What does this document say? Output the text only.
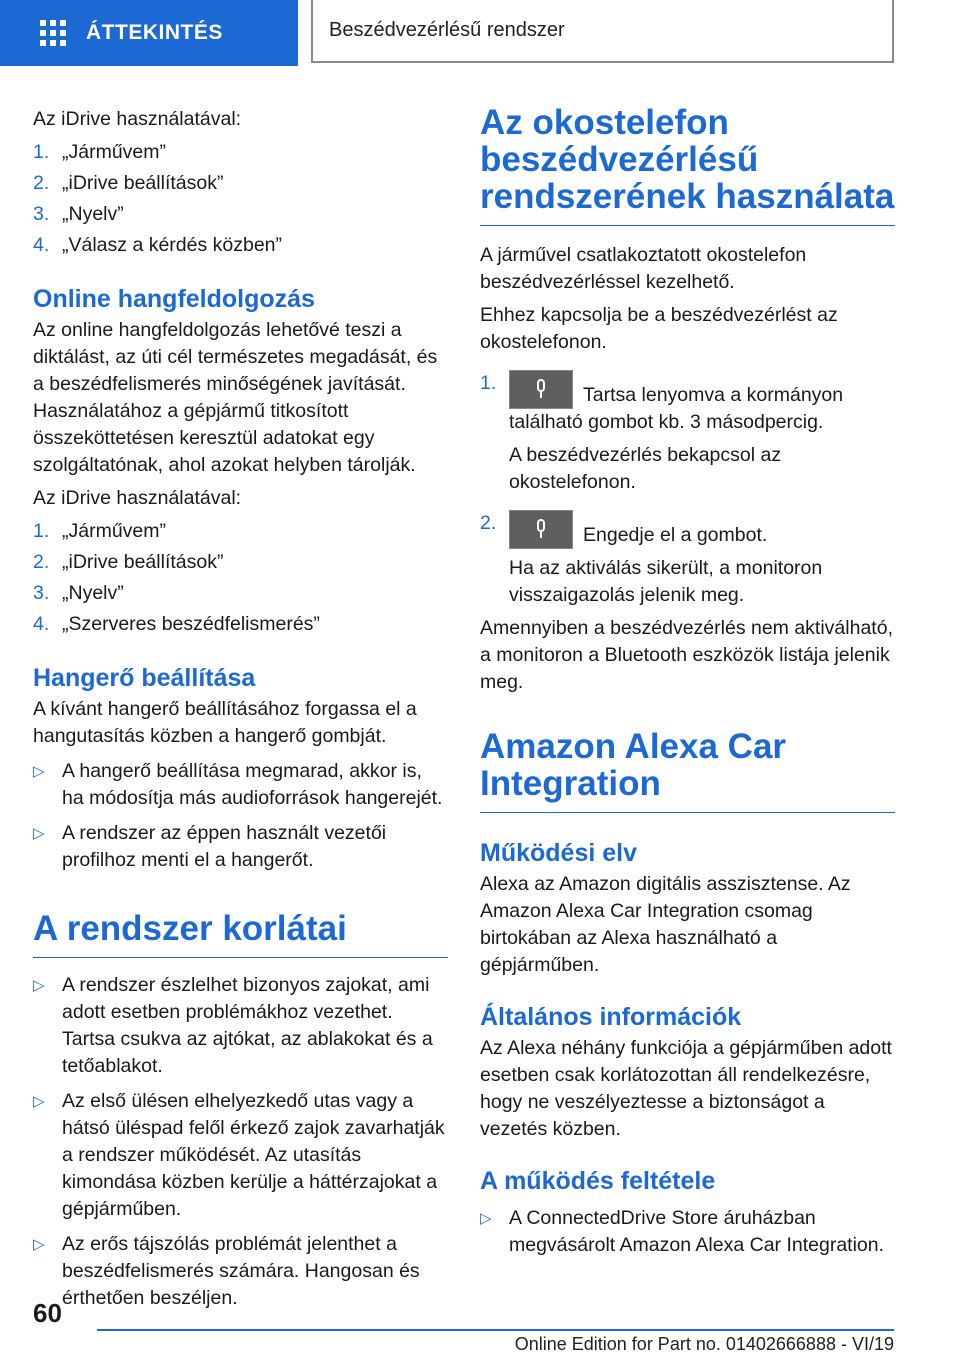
ÁTTEKINTÉS	Beszédvezérlésű rendszer

Az iDrive használatával:

1. „Járművem”
2. „iDrive beállítások”
3. „Nyelv”
4. „Válasz a kérdés közben”
Online hangfeldolgozás

Az online hangfeldolgozás lehetővé teszi a diktálást, az úti cél természetes megadását, és a beszédfelismerés minőségének javítását. Használatához a gépjármű titkosított összeköttetésen keresztül adatokat egy szolgáltatónak, ahol azokat helyben tárolják.

Az iDrive használatával:

1. „Járművem”
2. „iDrive beállítások”
3. „Nyelv”
4. „Szerveres beszédfelismerés”
Hangerő beállítása

A kívánt hangerő beállításához forgassa el a hangutasítás közben a hangerő gombját.

▷ A hangerő beállítása megmarad, akkor is, ha módosítja más audioforrások hangerejét.
▷ A rendszer az éppen használt vezetői profilhoz menti el a hangerőt.
A rendszer korlátai
▷ A rendszer észlelhet bizonyos zajokat, ami adott esetben problémákhoz vezethet. Tartsa csukva az ajtókat, az ablakokat és a tetőablakot.
▷ Az első ülésen elhelyezkedő utas vagy a hátsó üléspad felől érkező zajok zavarhatják a rendszer működését. Az utasítás kimondása közben kerülje a háttérzajokat a gépjárműben.
▷ Az erős tájszólás problémát jelenthet a beszédfelismerés számára. Hangosan és érthetően beszéljen.
Az okostelefon beszédvezérlésű rendszerének használata

A járművel csatlakoztatott okostelefon beszédvezérléssel kezelhető.

Ehhez kapcsolja be a beszédvezérlést az okostelefonon.

1.
Tartsa lenyomva a kormányon található gombot kb. 3 másodpercig.

A beszédvezérlés bekapcsol az okostelefonon.

2.
Engedje el a gombot.

Ha az aktiválás sikerült, a monitoron visszaigazolás jelenik meg.

Amennyiben a beszédvezérlés nem aktiválható, a monitoron a Bluetooth eszközök listája jelenik meg.

Amazon Alexa Car Integration
Működési elv

Alexa az Amazon digitális asszisztense. Az Amazon Alexa Car Integration csomag birtokában az Alexa használható a gépjárműben.

Általános információk

Az Alexa néhány funkciója a gépjárműben adott esetben csak korlátozottan áll rendelkezésre, hogy ne veszélyeztesse a biztonságot a vezetés közben.

A működés feltétele
▷ A ConnectedDrive Store áruházban megvásárolt Amazon Alexa Car Integration.
60
Online Edition for Part no. 01402666888 - VI/19
